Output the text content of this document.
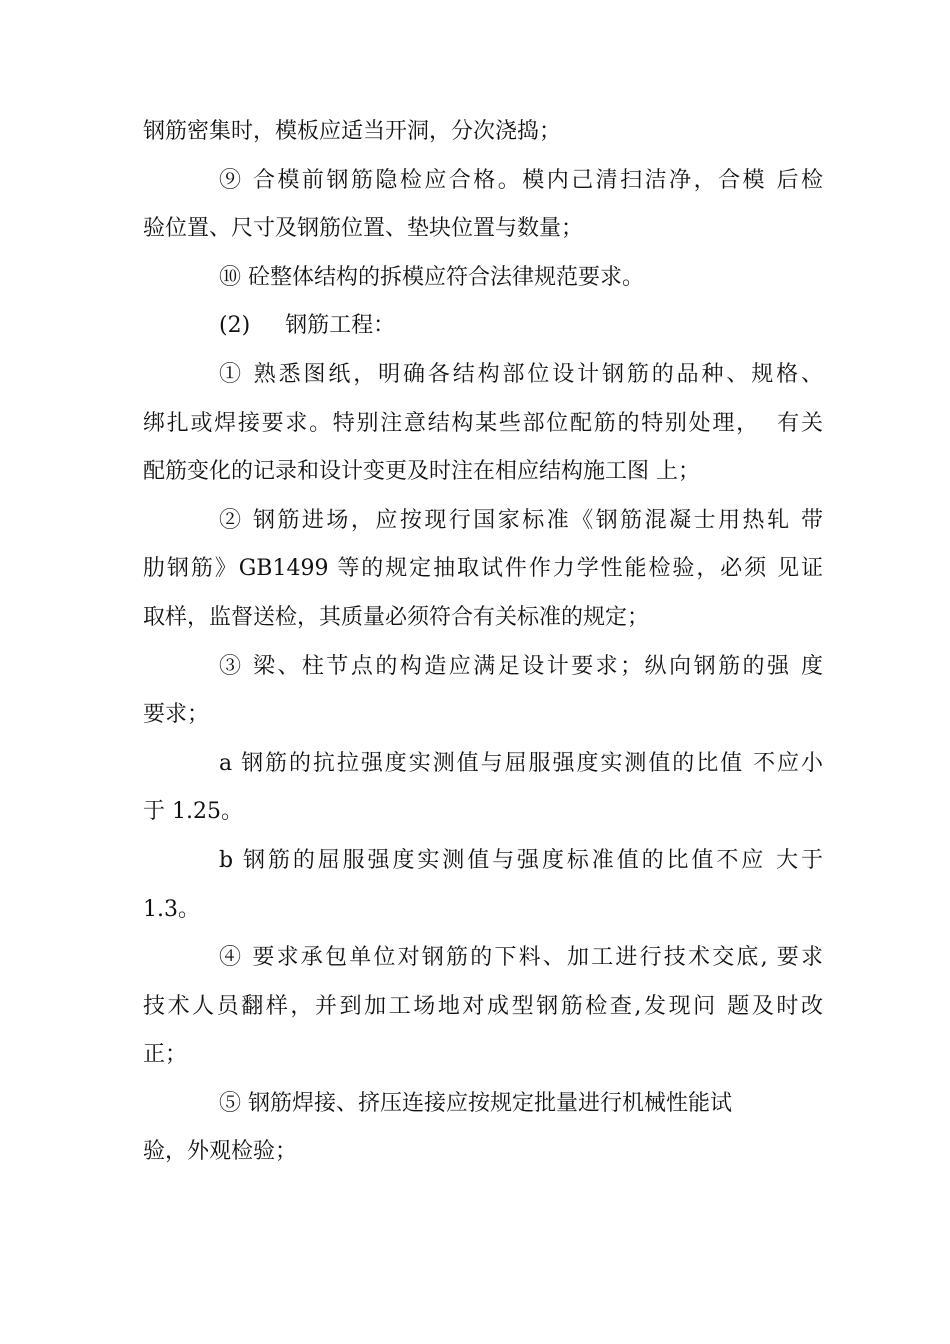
钢筋密集时，模板应适当开洞，分次浇捣；
⑨ 合模前钢筋隐检应合格。模内己清扫洁净，合模 后检
验位置、尺寸及钢筋位置、垫块位置与数量；
⑩ 砼整体结构的拆模应符合法律规范要求。
(2)     钢筋工程：
① 熟悉图纸，明确各结构部位设计钢筋的品种、规格、
绑扎或焊接要求。特别注意结构某些部位配筋的特别处理，  有关
配筋变化的记录和设计变更及时注在相应结构施工图 上；
② 钢筋进场，应按现行国家标准《钢筋混凝士用热轧 带
肋钢筋》GB1499 等的规定抽取试件作力学性能检验，必须 见证
取样，监督送检，其质量必须符合有关标准的规定；
③ 梁、柱节点的构造应满足设计要求；纵向钢筋的强 度
要求；
a 钢筋的抗拉强度实测值与屈服强度实测值的比值 不应小
于 1.25。
b 钢筋的屈服强度实测值与强度标准值的比值不应 大于
1.3。
④ 要求承包单位对钢筋的下料、加工进行技术交底, 要求
技术人员翻样，并到加工场地对成型钢筋检查,发现问 题及时改
正；
⑤ 钢筋焊接、挤压连接应按规定批量进行机械性能试
验，外观检验；
